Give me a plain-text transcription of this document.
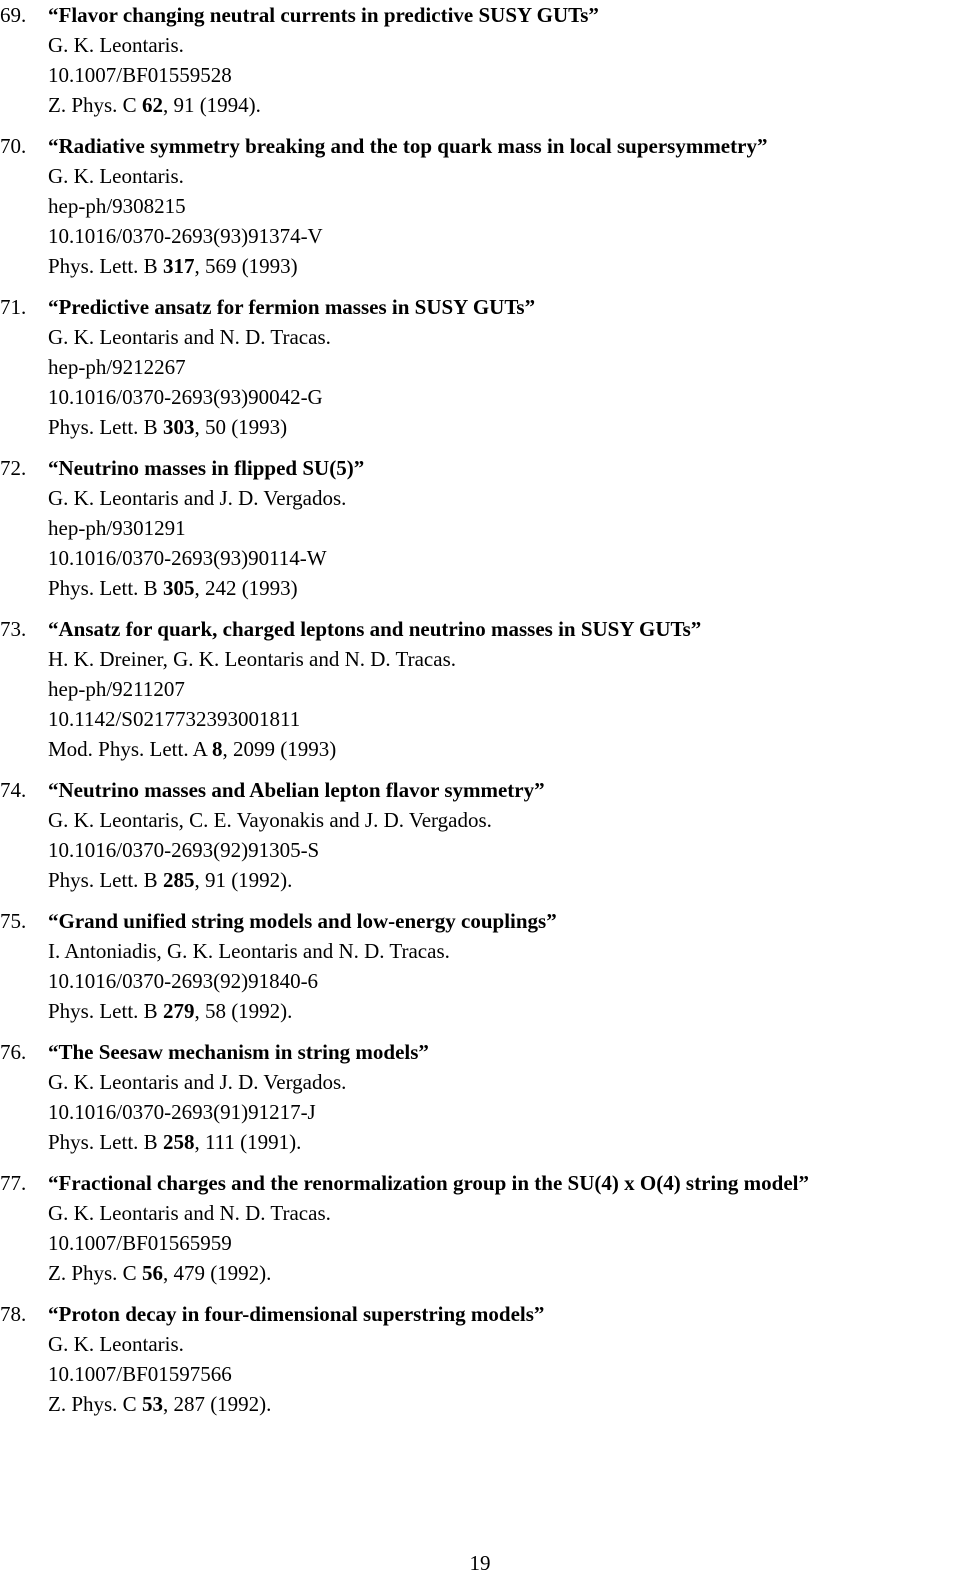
69.	“Flavor changing neutral currents in predictive SUSY GUTs”
G. K. Leontaris.
10.1007/BF01559528
Z. Phys. C 62, 91 (1994).
70.	“Radiative symmetry breaking and the top quark mass in local supersymmetry”
G. K. Leontaris.
hep-ph/9308215
10.1016/0370-2693(93)91374-V
Phys. Lett. B 317, 569 (1993)
71.	“Predictive ansatz for fermion masses in SUSY GUTs”
G. K. Leontaris and N. D. Tracas.
hep-ph/9212267
10.1016/0370-2693(93)90042-G
Phys. Lett. B 303, 50 (1993)
72.	“Neutrino masses in flipped SU(5)”
G. K. Leontaris and J. D. Vergados.
hep-ph/9301291
10.1016/0370-2693(93)90114-W
Phys. Lett. B 305, 242 (1993)
73.	“Ansatz for quark, charged leptons and neutrino masses in SUSY GUTs”
H. K. Dreiner, G. K. Leontaris and N. D. Tracas.
hep-ph/9211207
10.1142/S0217732393001811
Mod. Phys. Lett. A 8, 2099 (1993)
74.	“Neutrino masses and Abelian lepton flavor symmetry”
G. K. Leontaris, C. E. Vayonakis and J. D. Vergados.
10.1016/0370-2693(92)91305-S
Phys. Lett. B 285, 91 (1992).
75.	“Grand unified string models and low-energy couplings”
I. Antoniadis, G. K. Leontaris and N. D. Tracas.
10.1016/0370-2693(92)91840-6
Phys. Lett. B 279, 58 (1992).
76.	“The Seesaw mechanism in string models”
G. K. Leontaris and J. D. Vergados.
10.1016/0370-2693(91)91217-J
Phys. Lett. B 258, 111 (1991).
77.	“Fractional charges and the renormalization group in the SU(4) x O(4) string model”
G. K. Leontaris and N. D. Tracas.
10.1007/BF01565959
Z. Phys. C 56, 479 (1992).
78.	“Proton decay in four-dimensional superstring models”
G. K. Leontaris.
10.1007/BF01597566
Z. Phys. C 53, 287 (1992).
19
